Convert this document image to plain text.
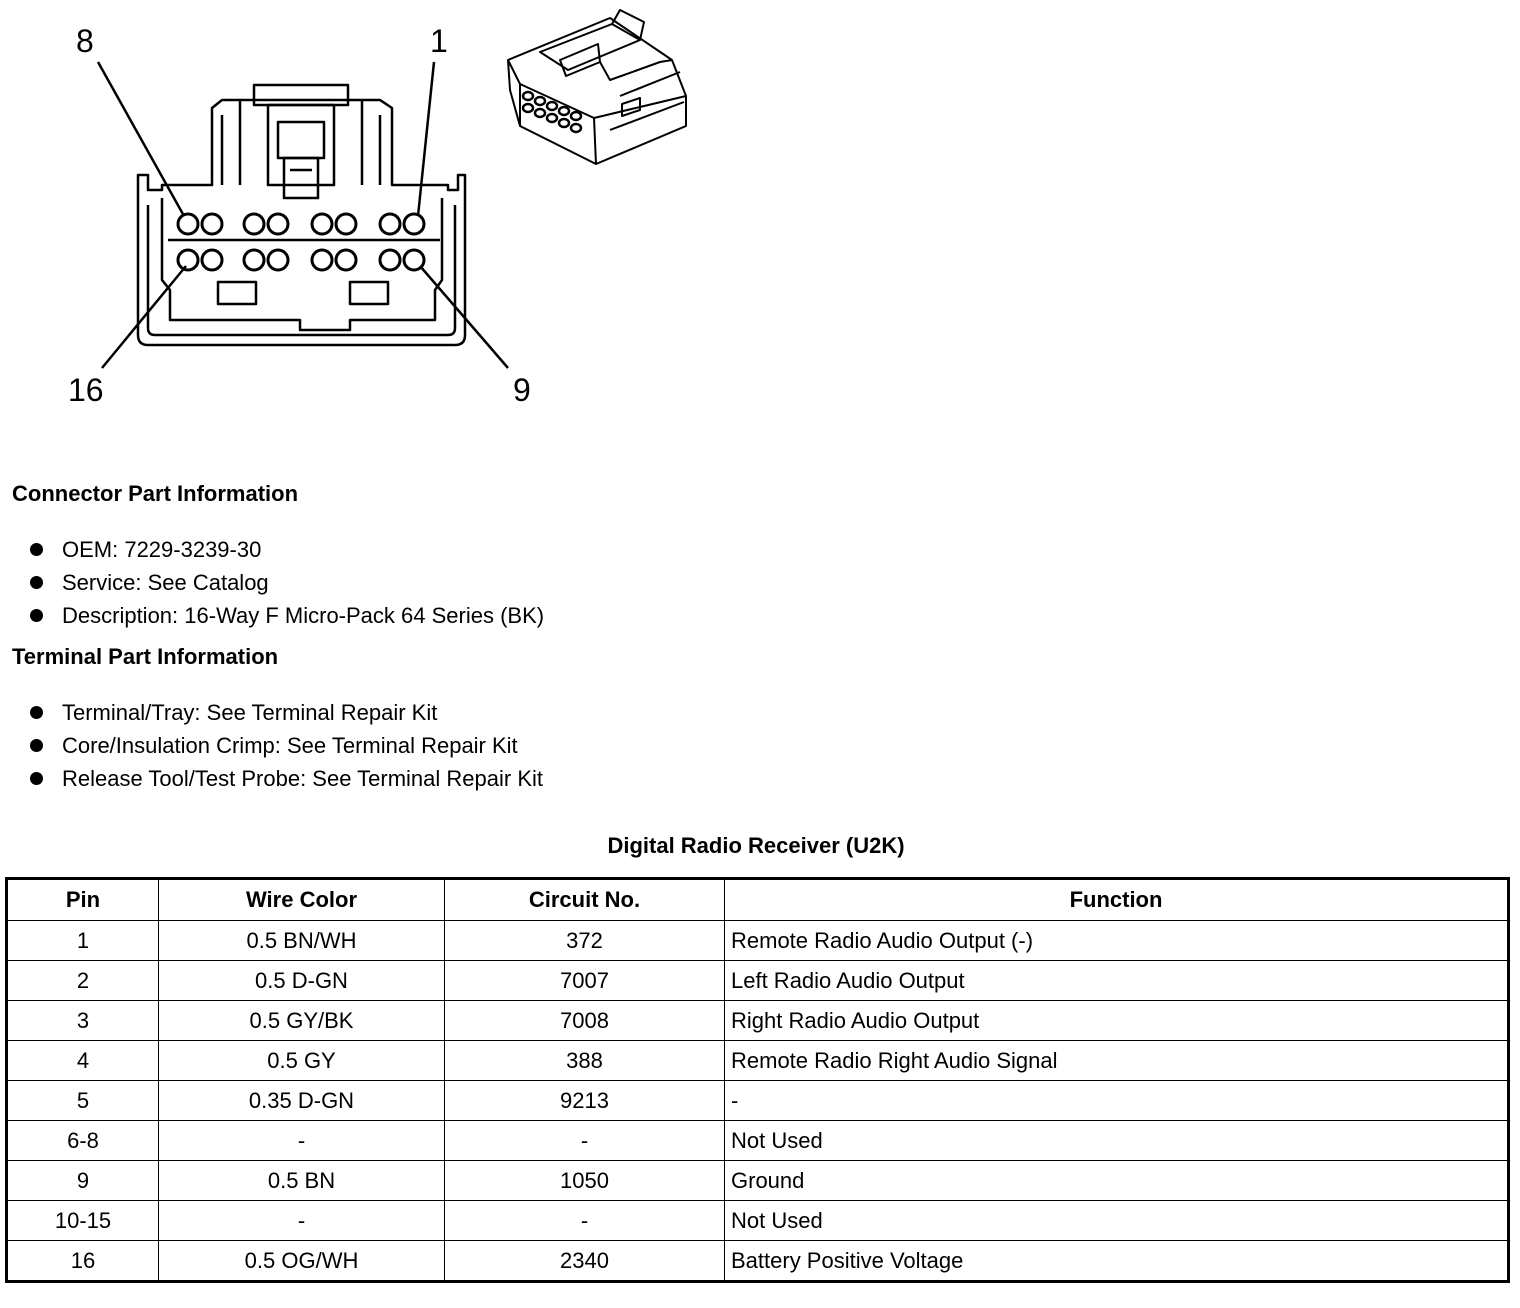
8	1
16	9
Connector Part Information
OEM: 7229-3239-30
Service: See Catalog
Description: 16-Way F Micro-Pack 64 Series (BK)
Terminal Part Information
Terminal/Tray: See Terminal Repair Kit
Core/Insulation Crimp: See Terminal Repair Kit
Release Tool/Test Probe: See Terminal Repair Kit
Digital Radio Receiver (U2K)
Pin	Wire Color	Circuit No.	Function
1	0.5 BN/WH	372	Remote Radio Audio Output (-)
2	0.5 D-GN	7007	Left Radio Audio Output
3	0.5 GY/BK	7008	Right Radio Audio Output
4	0.5 GY	388	Remote Radio Right Audio Signal
5	0.35 D-GN	9213	-
6-8	-	-	Not Used
9	0.5 BN	1050	Ground
10-15	-	-	Not Used
16	0.5 OG/WH	2340	Battery Positive Voltage
